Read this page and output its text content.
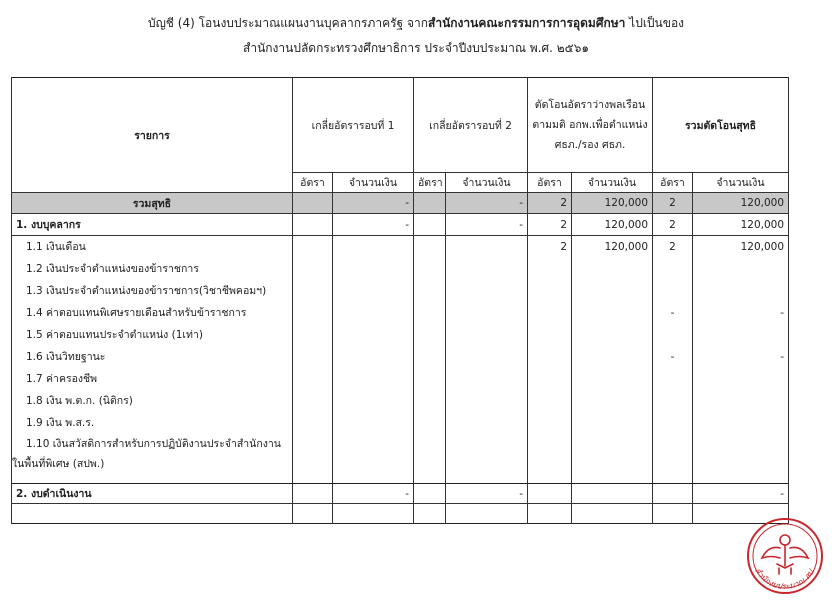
บัญชี (4) โอนงบประมาณแผนงานบุคลากรภาครัฐ จากสำนักงานคณะกรรมการการอุดมศึกษา ไปเป็นของ
สำนักงานปลัดกระทรวงศึกษาธิการ ประจำปีงบประมาณ พ.ศ. ๒๕๖๑
รายการ	เกลี่ยอัตรารอบที่ 1		เกลี่ยอัตรารอบที่ 2		ตัดโอนอัตราว่างพลเรือน ตามมติ อกพ.เพื่อตำแหน่ง ศธภ./รอง ศธภ.		รวมตัดโอนสุทธิ	
	อัตรา	จำนวนเงิน	อัตรา	จำนวนเงิน	อัตรา	จำนวนเงิน	อัตรา	จำนวนเงิน
รวมสุทธิ		-		-	2	120,000	2	120,000
1. งบบุคลากร		-		-	2	120,000	2	120,000
1.1 เงินเดือน					2	120,000	2	120,000
1.2 เงินประจำตำแหน่งของข้าราชการ								
1.3 เงินประจำตำแหน่งของข้าราชการ(วิชาชีพคอมฯ)								
1.4 ค่าตอบแทนพิเศษรายเดือนสำหรับข้าราชการ							-	-
1.5 ค่าตอบแทนประจำตำแหน่ง (1เท่า)								
1.6 เงินวิทยฐานะ							-	-
1.7 ค่าครองชีพ								
1.8 เงิน พ.ต.ก. (นิติกร)								
1.9 เงิน พ.ส.ร.								
1.10 เงินสวัสดิการสำหรับการปฏิบัติงานประจำสำนักงาน
ในพื้นที่พิเศษ (สปพ.)								

2. งบดำเนินงาน		-		-				-

สำนักงบประมาณ สป.
